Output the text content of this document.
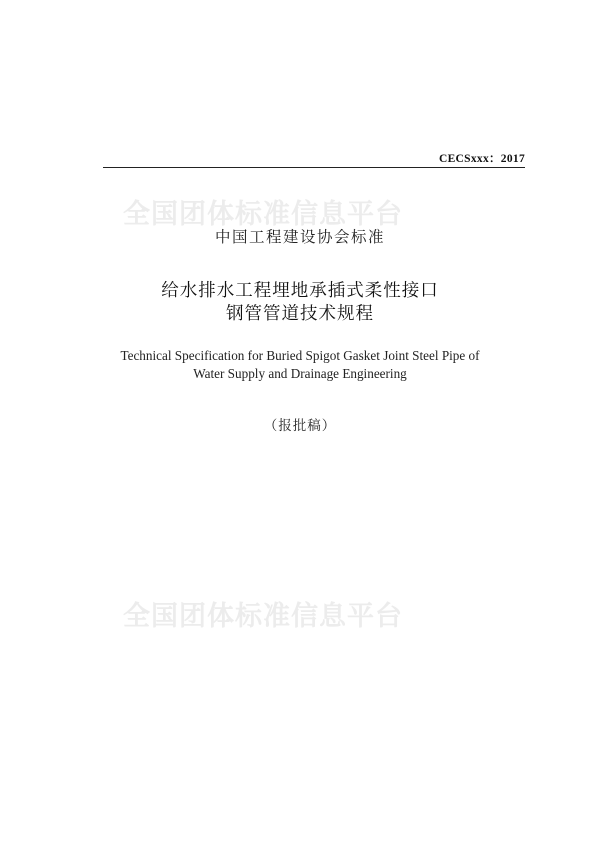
CECSxxx：2017
全国团体标准信息平台
中国工程建设协会标准
给水排水工程埋地承插式柔性接口
钢管管道技术规程
Technical Specification for Buried Spigot Gasket Joint Steel Pipe of
Water Supply and Drainage Engineering
（报批稿）
全国团体标准信息平台
